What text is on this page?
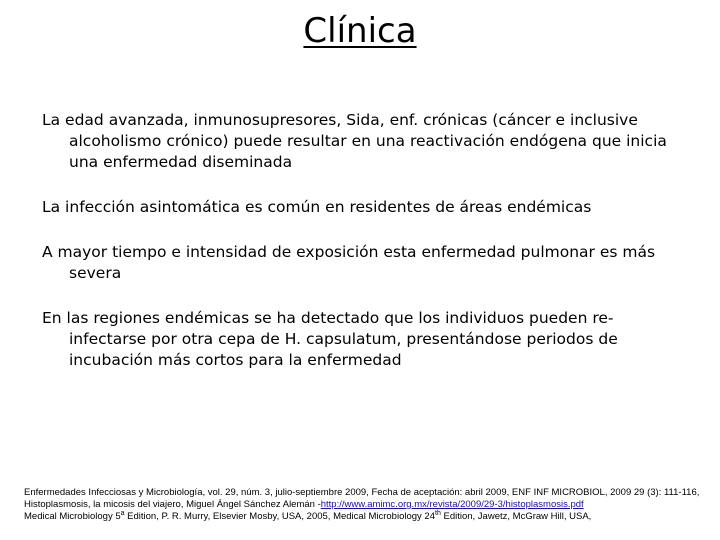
Clínica
La edad avanzada, inmunosupresores, Sida, enf. crónicas (cáncer e inclusive alcoholismo crónico) puede resultar en una reactivación endógena que inicia una enfermedad diseminada
La infección asintomática es común en residentes de áreas endémicas
A mayor tiempo e intensidad de exposición esta enfermedad pulmonar es más severa
En las regiones endémicas se ha detectado que los individuos pueden re-infectarse por otra cepa de H. capsulatum, presentándose periodos de incubación más cortos para la enfermedad

Enfermedades Infecciosas y Microbiología, vol. 29, núm. 3, julio-septiembre 2009, Fecha de aceptación: abril 2009, ENF INF MICROBIOL, 2009 29 (3): 111-116, Histoplasmosis, la micosis del viajero, Miguel Ángel Sánchez Alemán -http://www.amimc.org.mx/revista/2009/29-3/histoplasmosis.pdf

Medical Microbiology 5$^a$ Edition, P. R. Murry, Elsevier Mosby, USA, 2005, Medical Microbiology 24th Edition, Jawetz, McGraw Hill, USA,
